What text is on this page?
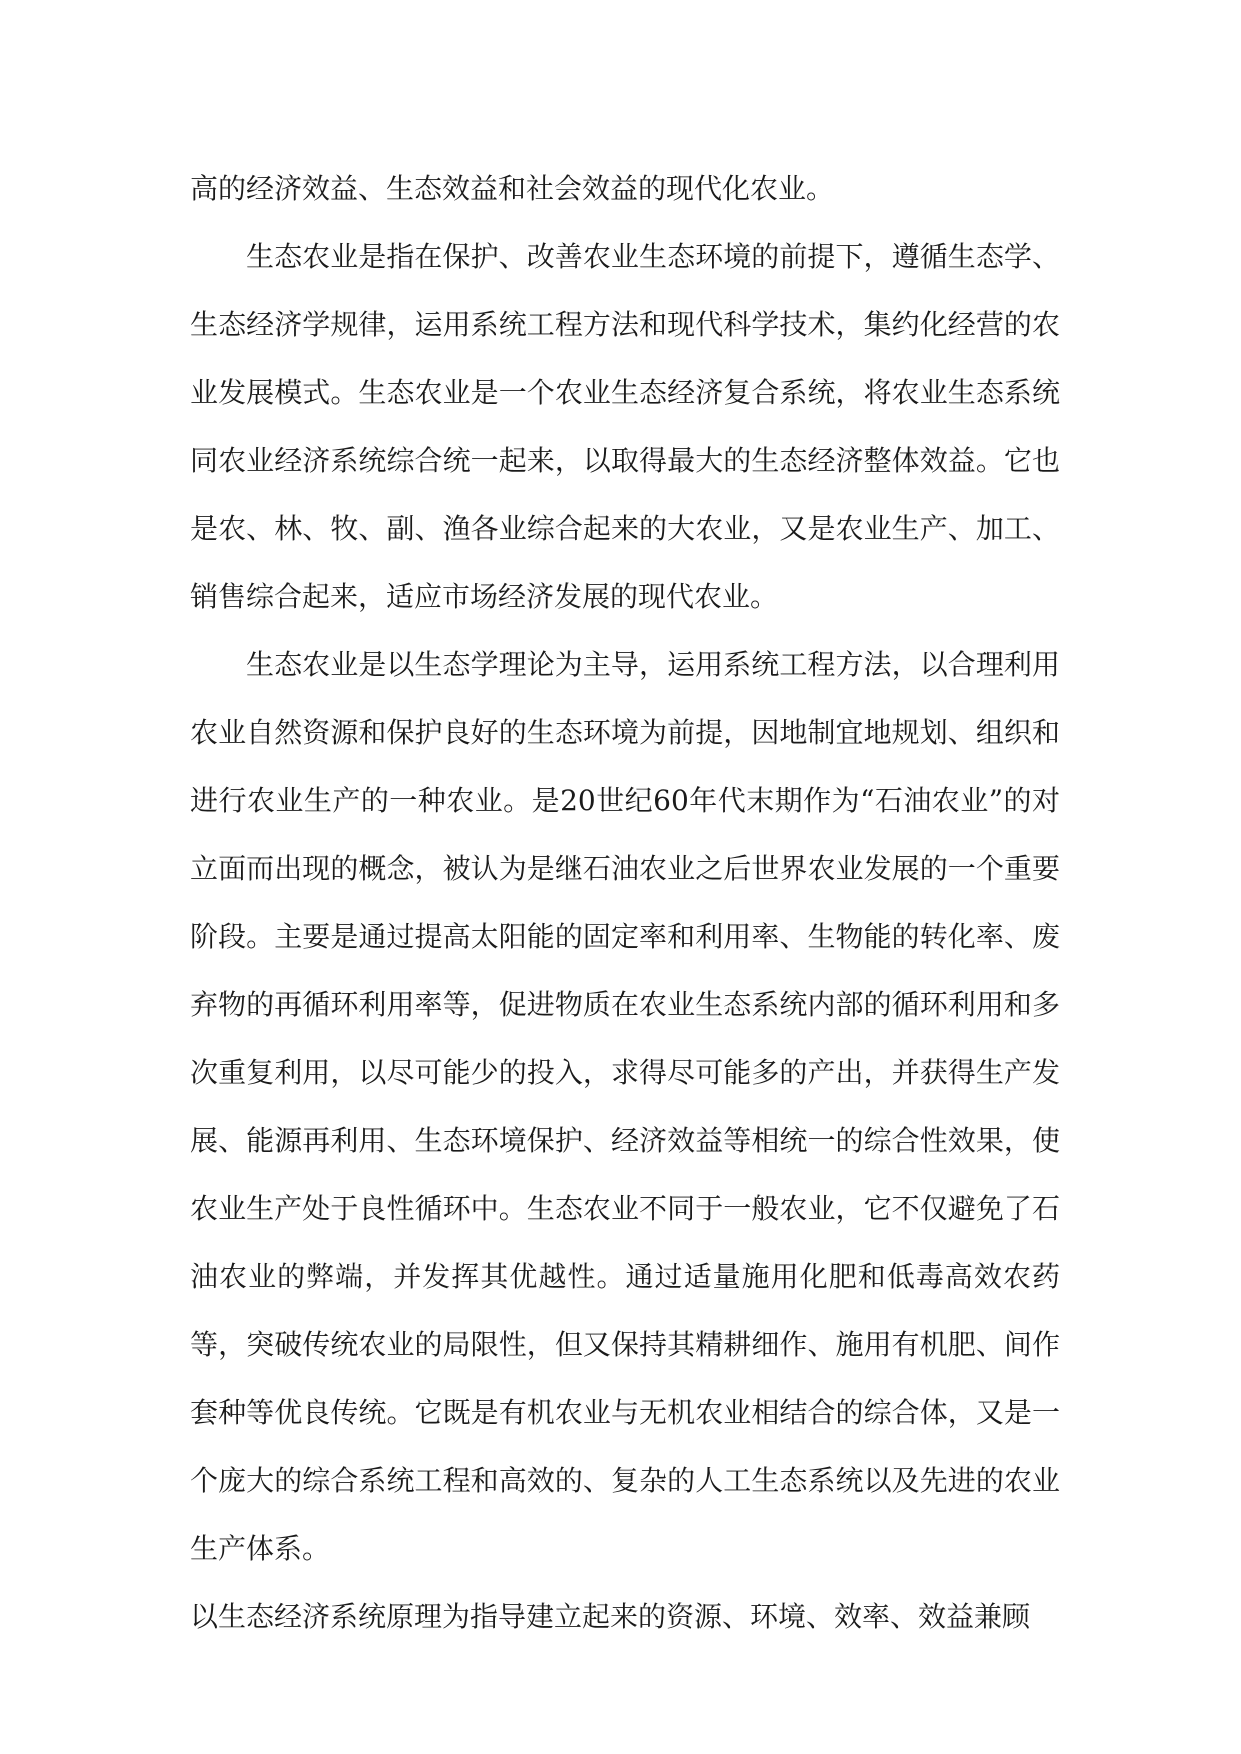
高的经济效益、生态效益和社会效益的现代化农业。

生态农业是指在保护、改善农业生态环境的前提下，遵循生态学、生态经济学规律，运用系统工程方法和现代科学技术，集约化经营的农业发展模式。生态农业是一个农业生态经济复合系统，将农业生态系统同农业经济系统综合统一起来，以取得最大的生态经济整体效益。它也是农、林、牧、副、渔各业综合起来的大农业，又是农业生产、加工、销售综合起来，适应市场经济发展的现代农业。

生态农业是以生态学理论为主导，运用系统工程方法，以合理利用农业自然资源和保护良好的生态环境为前提，因地制宜地规划、组织和进行农业生产的一种农业。是20世纪60年代末期作为“石油农业”的对立面而出现的概念，被认为是继石油农业之后世界农业发展的一个重要阶段。主要是通过提高太阳能的固定率和利用率、生物能的转化率、废弃物的再循环利用率等，促进物质在农业生态系统内部的循环利用和多次重复利用，以尽可能少的投入，求得尽可能多的产出，并获得生产发展、能源再利用、生态环境保护、经济效益等相统一的综合性效果，使农业生产处于良性循环中。生态农业不同于一般农业，它不仅避免了石油农业的弊端，并发挥其优越性。通过适量施用化肥和低毒高效农药等，突破传统农业的局限性，但又保持其精耕细作、施用有机肥、间作套种等优良传统。它既是有机农业与无机农业相结合的综合体，又是一个庞大的综合系统工程和高效的、复杂的人工生态系统以及先进的农业生产体系。

以生态经济系统原理为指导建立起来的资源、环境、效率、效益兼顾
